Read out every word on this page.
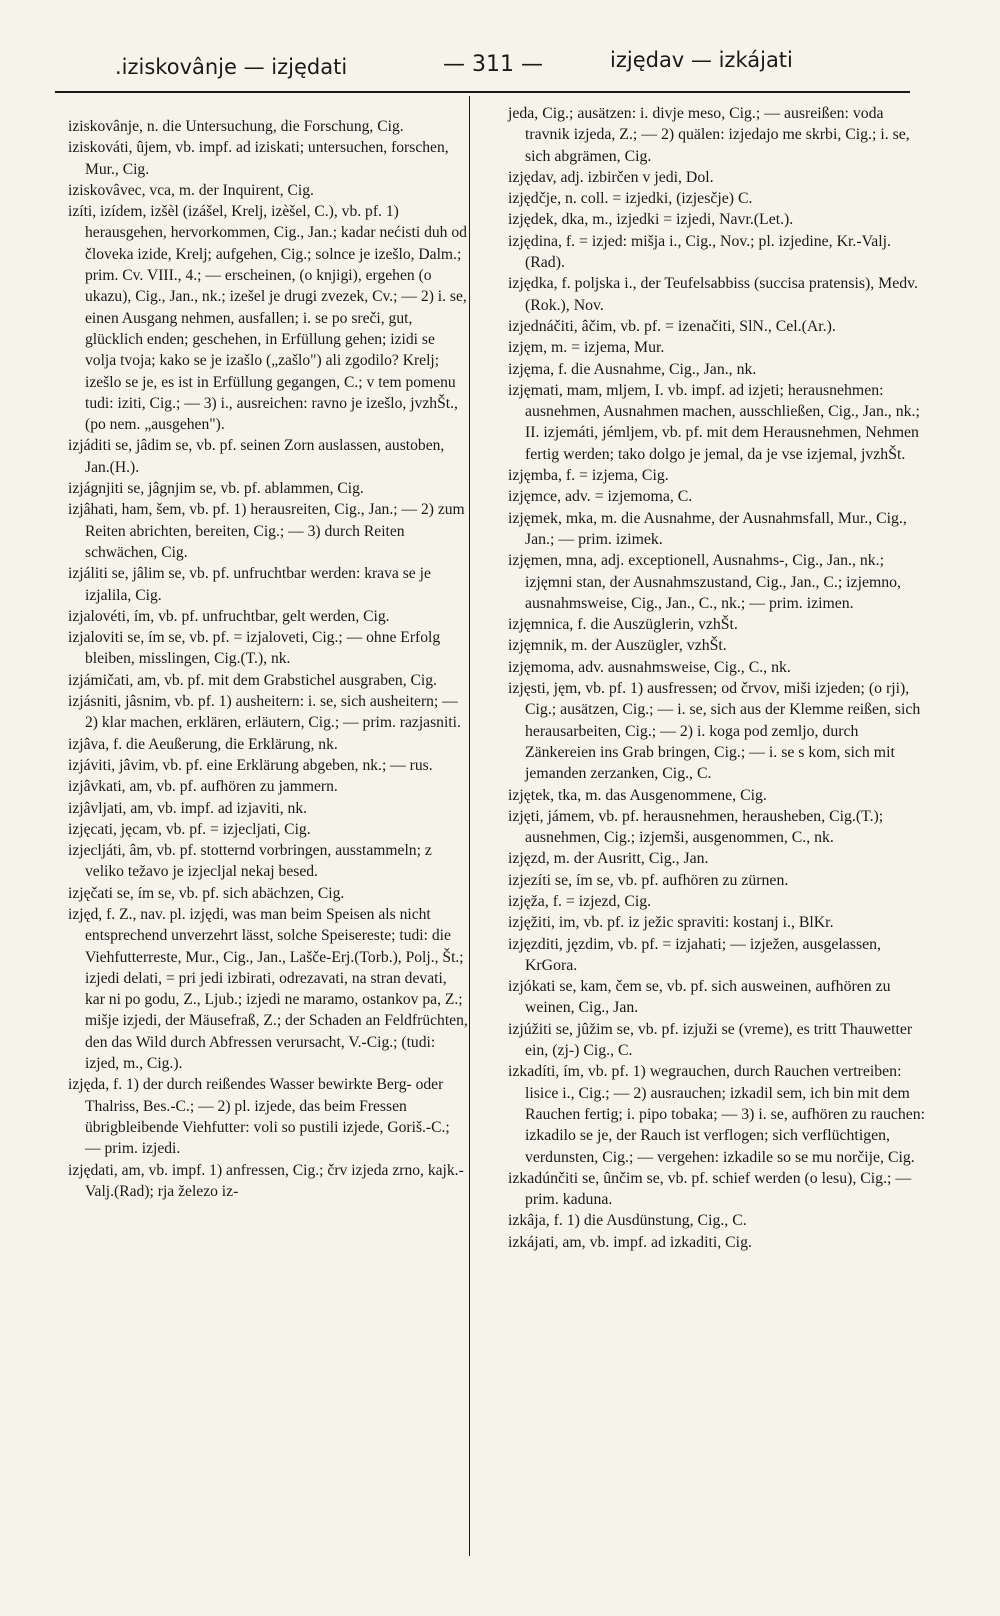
.iziskovânje — izjędati	— 311 —	izjędav — izkájati

iziskovânje, n. die Untersuchung, die Forschung, Cig.

iziskováti, ûjem, vb. impf. ad iziskati; untersuchen, forschen, Mur., Cig.

iziskovâvec, vca, m. der Inquirent, Cig.

izíti, izídem, izšèl (izášel, Krelj, izèšel, C.), vb. pf. 1) herausgehen, hervorkommen, Cig., Jan.; kadar nećisti duh od človeka izide, Krelj; aufgehen, Cig.; solnce je izešlo, Dalm.; prim. Cv. VIII., 4.; — erscheinen, (o knjigi), ergehen (o ukazu), Cig., Jan., nk.; izešel je drugi zvezek, Cv.; — 2) i. se, einen Ausgang nehmen, ausfallen; i. se po sreči, gut, glücklich enden; geschehen, in Erfüllung gehen; izidi se volja tvoja; kako se je izašlo („zašlo") ali zgodilo? Krelj; izešlo se je, es ist in Erfüllung gegangen, C.; v tem pomenu tudi: iziti, Cig.; — 3) i., ausreichen: ravno je izešlo, jvzhŠt., (po nem. „ausgehen").

izjáditi se, jâdim se, vb. pf. seinen Zorn auslassen, austoben, Jan.(H.).

izjágnjiti se, jâgnjim se, vb. pf. ablammen, Cig.

izjâhati, ham, šem, vb. pf. 1) herausreiten, Cig., Jan.; — 2) zum Reiten abrichten, bereiten, Cig.; — 3) durch Reiten schwächen, Cig.

izjáliti se, jâlim se, vb. pf. unfruchtbar werden: krava se je izjalila, Cig.

izjalovéti, ím, vb. pf. unfruchtbar, gelt werden, Cig.

izjaloviti se, ím se, vb. pf. = izjaloveti, Cig.; — ohne Erfolg bleiben, misslingen, Cig.(T.), nk.

izjámičati, am, vb. pf. mit dem Grabstichel ausgraben, Cig.

izjásniti, jâsnim, vb. pf. 1) ausheitern: i. se, sich ausheitern; — 2) klar machen, erklären, erläutern, Cig.; — prim. razjasniti.

izjâva, f. die Aeußerung, die Erklärung, nk.

izjáviti, jâvim, vb. pf. eine Erklärung abgeben, nk.; — rus.

izjâvkati, am, vb. pf. aufhören zu jammern.

izjâvljati, am, vb. impf. ad izjaviti, nk.

izjęcati, jęcam, vb. pf. = izjecljati, Cig.

izjecljáti, âm, vb. pf. stotternd vorbringen, ausstammeln; z veliko težavo je izjecljal nekaj besed.

izjęčati se, ím se, vb. pf. sich abächzen, Cig.

izjęd, f. Z., nav. pl. izjędi, was man beim Speisen als nicht entsprechend unverzehrt lässt, solche Speisereste; tudi: die Viehfutterreste, Mur., Cig., Jan., Lašče-Erj.(Torb.), Polj., Št.; izjedi delati, = pri jedi izbirati, odrezavati, na stran devati, kar ni po godu, Z., Ljub.; izjedi ne maramo, ostankov pa, Z.; mišje izjedi, der Mäusefraß, Z.; der Schaden an Feldfrüchten, den das Wild durch Abfressen verursacht, V.-Cig.; (tudi: izjed, m., Cig.).

izjęda, f. 1) der durch reißendes Wasser bewirkte Berg- oder Thalriss, Bes.-C.; — 2) pl. izjede, das beim Fressen übrigbleibende Viehfutter: voli so pustili izjede, Goriš.-C.; — prim. izjedi.

izjędati, am, vb. impf. 1) anfressen, Cig.; črv izjeda zrno, kajk.- Valj.(Rad); rja železo iz-

jeda, Cig.; ausätzen: i. divje meso, Cig.; — ausreißen: voda travnik izjeda, Z.; — 2) quälen: izjedajo me skrbi, Cig.; i. se, sich abgrämen, Cig.

izjędav, adj. izbirčen v jedi, Dol.

izjędčje, n. coll. = izjedki, (izjesčje) C.

izjędek, dka, m., izjedki = izjedi, Navr.(Let.).

izjędina, f. = izjed: mišja i., Cig., Nov.; pl. izjedine, Kr.-Valj.(Rad).

izjędka, f. poljska i., der Teufelsabbiss (succisa pratensis), Medv.(Rok.), Nov.

izjednáčiti, âčim, vb. pf. = izenačiti, SlN., Cel.(Ar.).

izjęm, m. = izjema, Mur.

izjęma, f. die Ausnahme, Cig., Jan., nk.

izjęmati, mam, mljem, I. vb. impf. ad izjeti; herausnehmen: ausnehmen, Ausnahmen machen, ausschließen, Cig., Jan., nk.; II. izjemáti, jémljem, vb. pf. mit dem Herausnehmen, Nehmen fertig werden; tako dolgo je jemal, da je vse izjemal, jvzhŠt.

izjęmba, f. = izjema, Cig.

izjęmce, adv. = izjemoma, C.

izjęmek, mka, m. die Ausnahme, der Ausnahmsfall, Mur., Cig., Jan.; — prim. izimek.

izjęmen, mna, adj. exceptionell, Ausnahms-, Cig., Jan., nk.; izjęmni stan, der Ausnahmszustand, Cig., Jan., C.; izjemno, ausnahmsweise, Cig., Jan., C., nk.; — prim. izimen.

izjęmnica, f. die Auszüglerin, vzhŠt.

izjęmnik, m. der Auszügler, vzhŠt.

izjęmoma, adv. ausnahmsweise, Cig., C., nk.

izjęsti, jęm, vb. pf. 1) ausfressen; od črvov, miši izjeden; (o rji), Cig.; ausätzen, Cig.; — i. se, sich aus der Klemme reißen, sich herausarbeiten, Cig.; — 2) i. koga pod zemljo, durch Zänkereien ins Grab bringen, Cig.; — i. se s kom, sich mit jemanden zerzanken, Cig., C.

izjętek, tka, m. das Ausgenommene, Cig.

izjęti, jámem, vb. pf. herausnehmen, herausheben, Cig.(T.); ausnehmen, Cig.; izjemši, ausgenommen, C., nk.

izjęzd, m. der Ausritt, Cig., Jan.

izjezíti se, ím se, vb. pf. aufhören zu zürnen.

izjęža, f. = izjezd, Cig.

izjęžiti, im, vb. pf. iz ježic spraviti: kostanj i., BlKr.

izjęzditi, jęzdim, vb. pf. = izjahati; — izježen, ausgelassen, KrGora.

izjókati se, kam, čem se, vb. pf. sich ausweinen, aufhören zu weinen, Cig., Jan.

izjúžiti se, jûžim se, vb. pf. izjuži se (vreme), es tritt Thauwetter ein, (zj-) Cig., C.

izkadíti, ím, vb. pf. 1) wegrauchen, durch Rauchen vertreiben: lisice i., Cig.; — 2) ausrauchen; izkadil sem, ich bin mit dem Rauchen fertig; i. pipo tobaka; — 3) i. se, aufhören zu rauchen: izkadilo se je, der Rauch ist verflogen; sich verflüchtigen, verdunsten, Cig.; — vergehen: izkadile so se mu norčije, Cig.

izkadúnčiti se, ûnčim se, vb. pf. schief werden (o lesu), Cig.; — prim. kaduna.

izkâja, f. 1) die Ausdünstung, Cig., C.

izkájati, am, vb. impf. ad izkaditi, Cig.
